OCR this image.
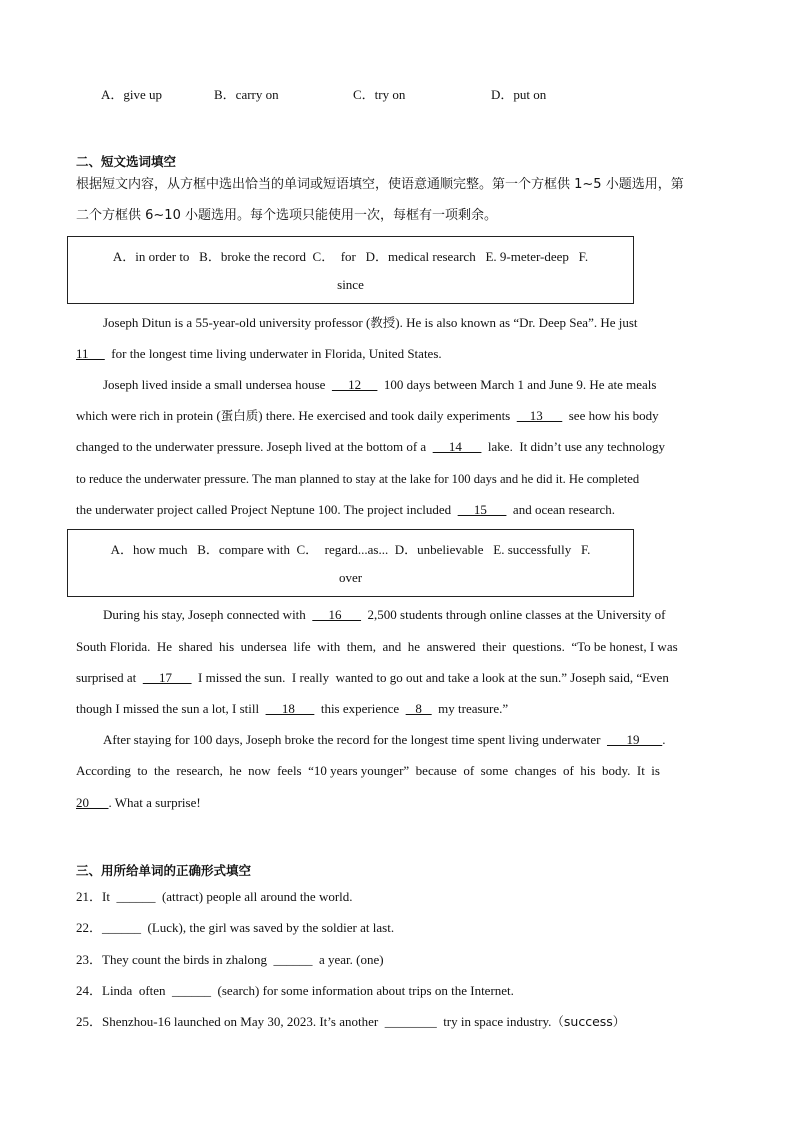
A．give up	B．carry on	C．try on	D．put on
二、短文选词填空
根据短文内容，从方框中选出恰当的单词或短语填空，使语意通顺完整。第一个方框供 1~5 小题选用，第
二个方框供 6~10 小题选用。每个选项只能使用一次，每框有一项剩余。
A．in order to   B．broke the record  C．  for   D．medical research   E. 9-meter-deep   F.
since
Joseph Ditun is a 55-year-old university professor (教授). He is also known as “Dr. Deep Sea”. He just
11       for the longest time living underwater in Florida, United States.
Joseph lived inside a small undersea house       12       100 days between March 1 and June 9. He ate meals
which were rich in protein (蛋白质) there. He exercised and took daily experiments      13        see how his body
changed to the underwater pressure. Joseph lived at the bottom of a       14        lake.  It didn’t use any technology
to reduce the underwater pressure. The man planned to stay at the lake for 100 days and he did it. He completed
the underwater project called Project Neptune 100. The project included       15        and ocean research.
A．how much   B．compare with  C．  regard...as...  D．unbelievable   E. successfully   F.
over
During his stay, Joseph connected with       16        2,500 students through online classes at the University of
South Florida.  He  shared  his  undersea  life  with  them,  and  he  answered  their  questions.  “To be honest, I was
surprised at       17        I missed the sun.  I really  wanted to go out and take a look at the sun.” Joseph said, “Even
though I missed the sun a lot, I still       18        this experience     8     my treasure.”
After staying for 100 days, Joseph broke the record for the longest time spent living underwater        19       .
According  to  the  research,  he  now  feels  “10 years younger”  because  of  some  changes  of  his  body.  It  is
20      . What a surprise!
三、用所给单词的正确形式填空
21．It  ______  (attract) people all around the world.
22．______  (Luck), the girl was saved by the soldier at last.
23．They count the birds in zhalong  ______  a year. (one)
24．Linda  often  ______  (search) for some information about trips on the Internet.
25．Shenzhou-16 launched on May 30, 2023. It’s another  ________  try in space industry.（success）
